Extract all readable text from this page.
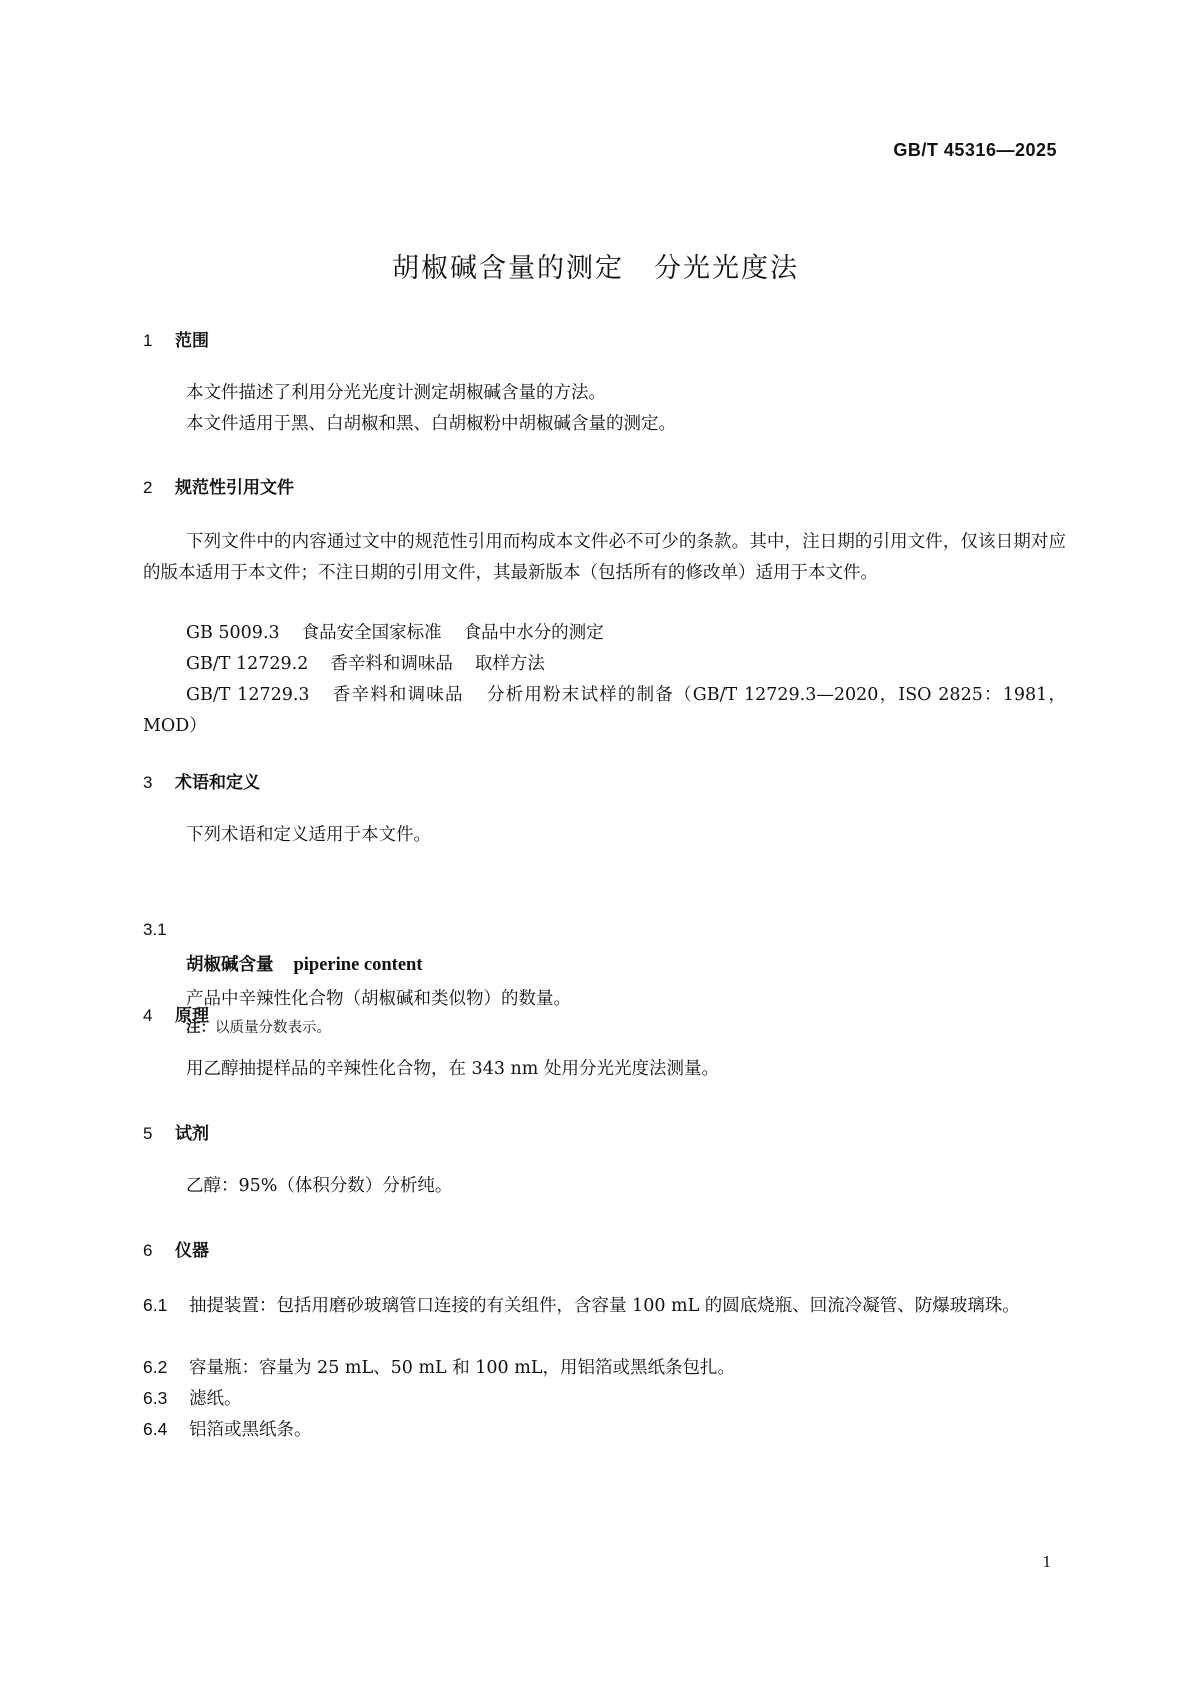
GB/T 45316—2025
胡椒碱含量的测定 分光光度法
1 范围
本文件描述了利用分光光度计测定胡椒碱含量的方法。
本文件适用于黑、白胡椒和黑、白胡椒粉中胡椒碱含量的测定。
2 规范性引用文件
下列文件中的内容通过文中的规范性引用而构成本文件必不可少的条款。其中，注日期的引用文件，仅该日期对应的版本适用于本文件；不注日期的引用文件，其最新版本（包括所有的修改单）适用于本文件。
GB 5009.3 食品安全国家标准 食品中水分的测定
GB/T 12729.2 香辛料和调味品 取样方法
GB/T 12729.3 香辛料和调味品 分析用粉末试样的制备（GB/T 12729.3—2020，ISO 2825：1981，MOD）
3 术语和定义
下列术语和定义适用于本文件。
3.1
胡椒碱含量 piperine content
产品中辛辣性化合物（胡椒碱和类似物）的数量。
注：以质量分数表示。
4 原理
用乙醇抽提样品的辛辣性化合物，在 343 nm 处用分光光度法测量。
5 试剂
乙醇：95%（体积分数）分析纯。
6 仪器
6.1 抽提装置：包括用磨砂玻璃管口连接的有关组件，含容量 100 mL 的圆底烧瓶、回流冷凝管、防爆玻璃珠。
6.2 容量瓶：容量为 25 mL、50 mL 和 100 mL，用铝箔或黑纸条包扎。
6.3 滤纸。
6.4 铝箔或黑纸条。
1
